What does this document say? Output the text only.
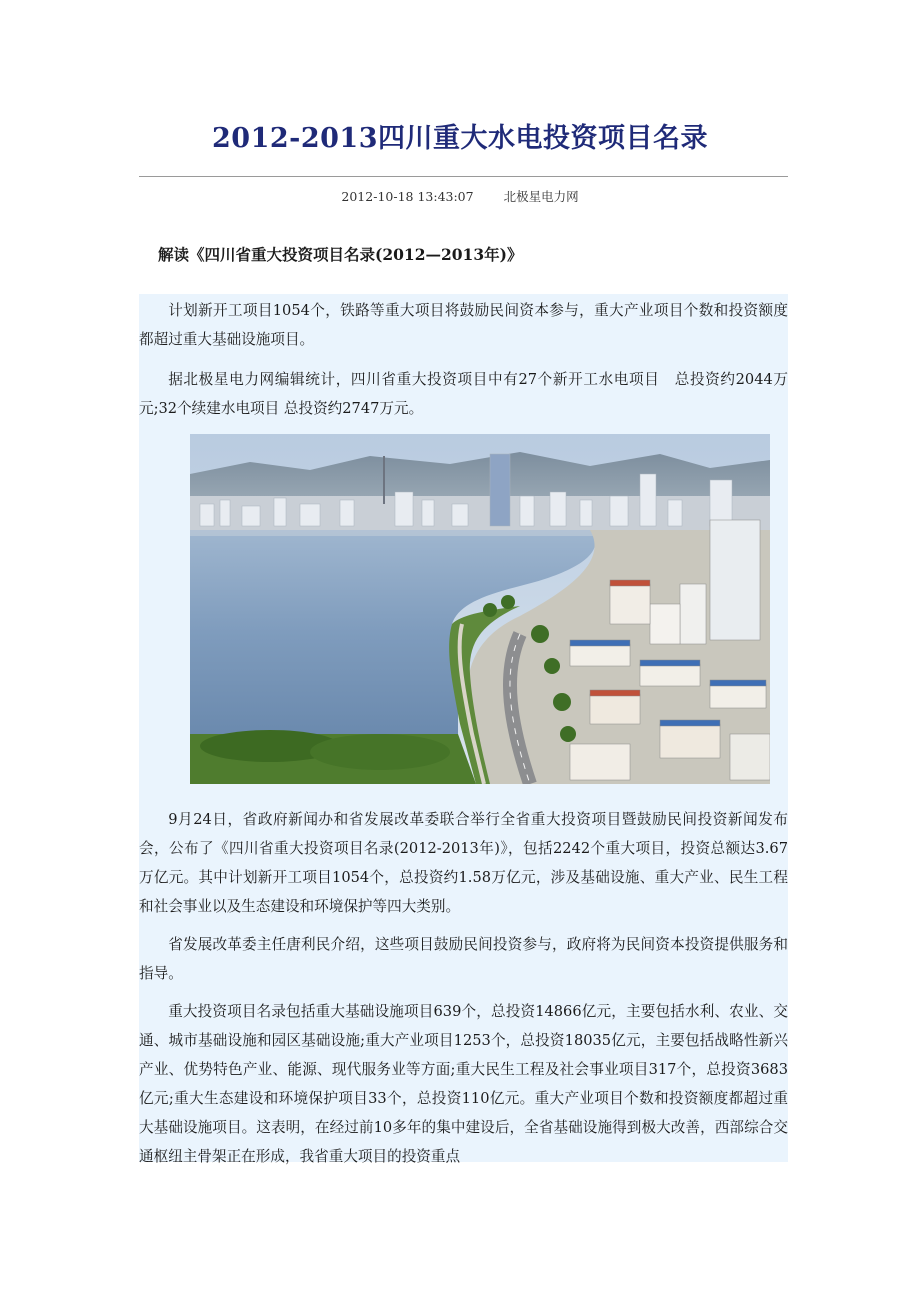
2012-2013四川重大水电投资项目名录
2012-10-18 13:43:07 北极星电力网
解读《四川省重大投资项目名录(2012—2013年)》

计划新开工项目1054个，铁路等重大项目将鼓励民间资本参与，重大产业项目个数和投资额度都超过重大基础设施项目。

据北极星电力网编辑统计，四川省重大投资项目中有27个新开工水电项目　总投资约2044万元;32个续建水电项目 总投资约2747万元。

9月24日，省政府新闻办和省发展改革委联合举行全省重大投资项目暨鼓励民间投资新闻发布会，公布了《四川省重大投资项目名录(2012-2013年)》，包括2242个重大项目，投资总额达3.67万亿元。其中计划新开工项目1054个，总投资约1.58万亿元，涉及基础设施、重大产业、民生工程和社会事业以及生态建设和环境保护等四大类别。

省发展改革委主任唐利民介绍，这些项目鼓励民间投资参与，政府将为民间资本投资提供服务和指导。

重大投资项目名录包括重大基础设施项目639个，总投资14866亿元，主要包括水利、农业、交通、城市基础设施和园区基础设施;重大产业项目1253个，总投资18035亿元，主要包括战略性新兴产业、优势特色产业、能源、现代服务业等方面;重大民生工程及社会事业项目317个，总投资3683亿元;重大生态建设和环境保护项目33个，总投资110亿元。重大产业项目个数和投资额度都超过重大基础设施项目。这表明，在经过前10多年的集中建设后，全省基础设施得到极大改善，西部综合交通枢纽主骨架正在形成，我省重大项目的投资重点
